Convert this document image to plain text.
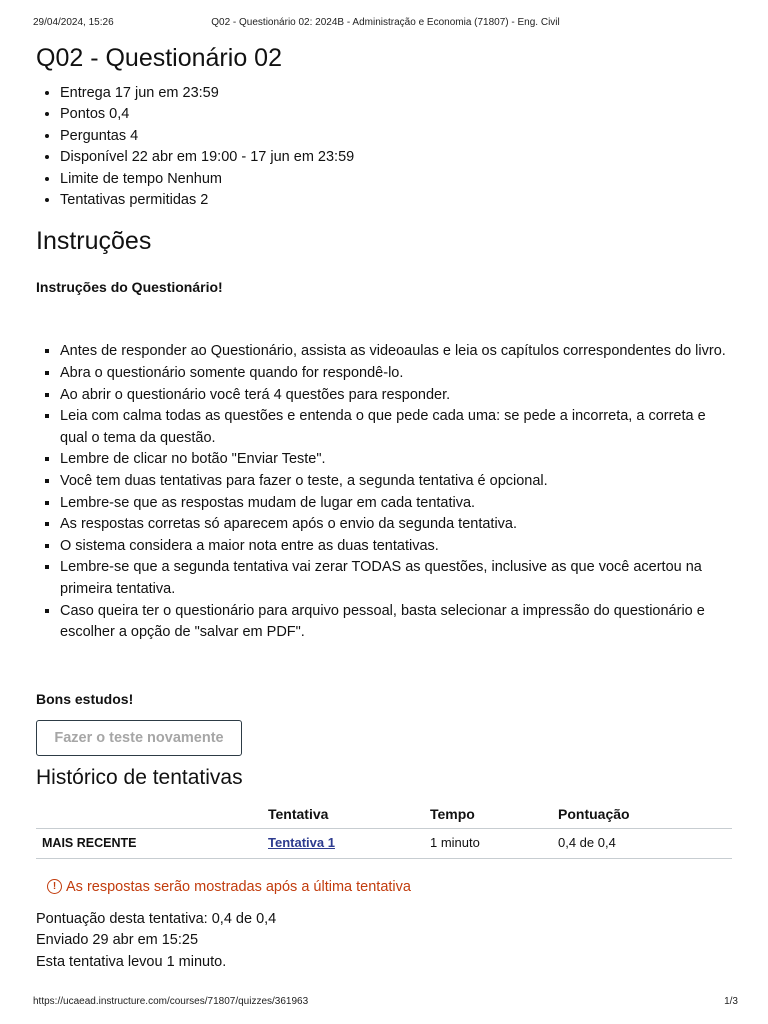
29/04/2024, 15:26	Q02 - Questionário 02: 2024B - Administração e Economia (71807) - Eng. Civil
Q02 - Questionário 02
• Entrega 17 jun em 23:59
• Pontos 0,4
• Perguntas 4
• Disponível 22 abr em 19:00 - 17 jun em 23:59
• Limite de tempo Nenhum
• Tentativas permitidas 2
Instruções
Instruções do Questionário!
▪ Antes de responder ao Questionário, assista as videoaulas e leia os capítulos correspondentes do livro.
▪ Abra o questionário somente quando for respondê-lo.
▪ Ao abrir o questionário você terá 4 questões para responder.
▪ Leia com calma todas as questões e entenda o que pede cada uma: se pede a incorreta, a correta e qual o tema da questão.
▪ Lembre de clicar no botão "Enviar Teste".
▪ Você tem duas tentativas para fazer o teste, a segunda tentativa é opcional.
▪ Lembre-se que as respostas mudam de lugar em cada tentativa.
▪ As respostas corretas só aparecem após o envio da segunda tentativa.
▪ O sistema considera a maior nota entre as duas tentativas.
▪ Lembre-se que a segunda tentativa vai zerar TODAS as questões, inclusive as que você acertou na primeira tentativa.
▪ Caso queira ter o questionário para arquivo pessoal, basta selecionar a impressão do questionário e escolher a opção de "salvar em PDF".
Bons estudos!
Fazer o teste novamente
Histórico de tentativas
	Tentativa	Tempo	Pontuação
MAIS RECENTE	Tentativa 1	1 minuto	0,4 de 0,4
! As respostas serão mostradas após a última tentativa
Pontuação desta tentativa: 0,4 de 0,4
Enviado 29 abr em 15:25
Esta tentativa levou 1 minuto.
https://ucaead.instructure.com/courses/71807/quizzes/361963	1/3
